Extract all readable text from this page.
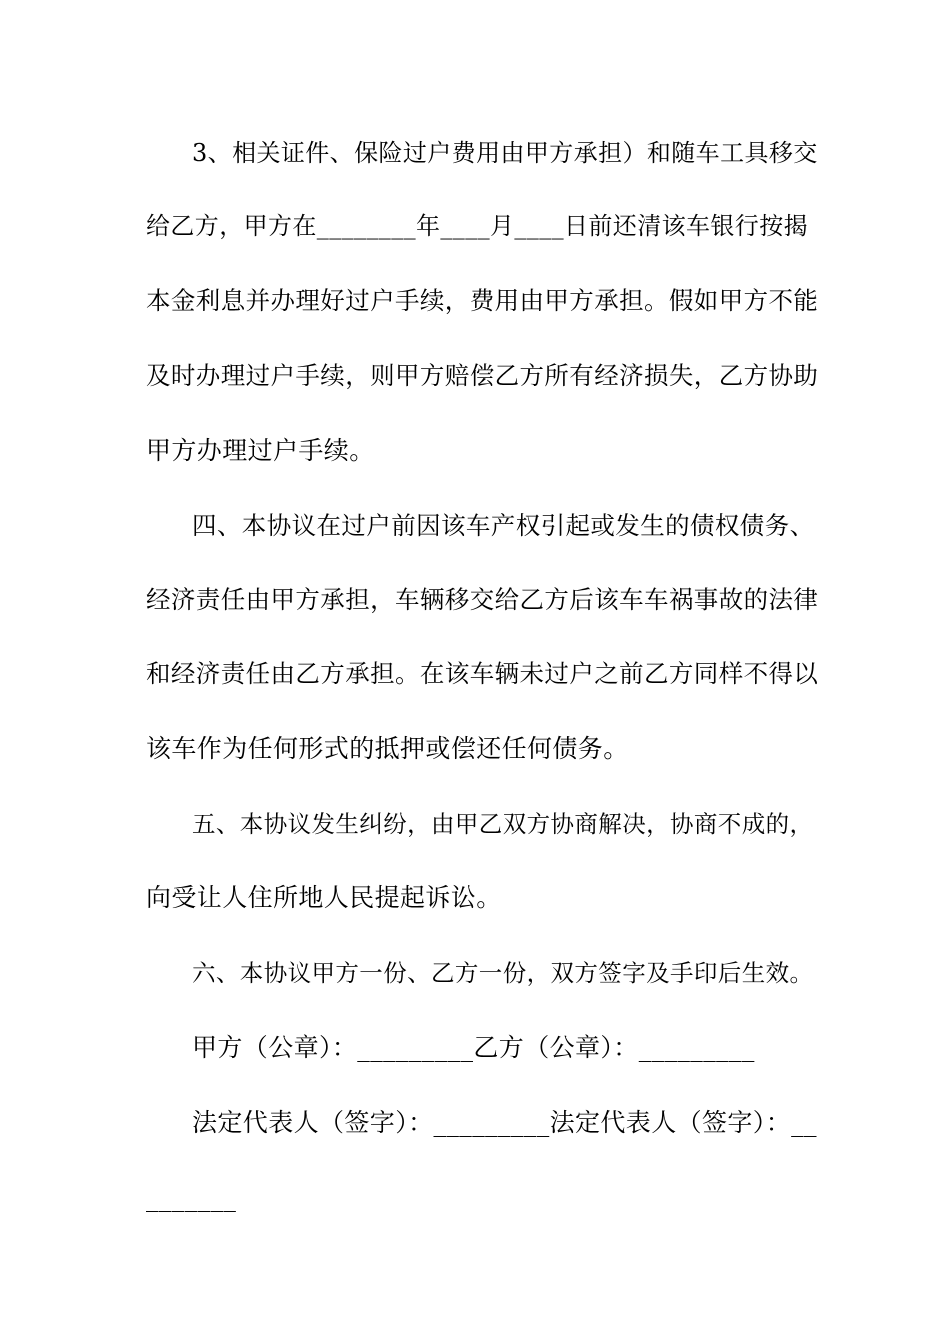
3、相关证件、保险过户费用由甲方承担）和随车工具移交
给乙方，甲方在________年____月____日前还清该车银行按揭
本金利息并办理好过户手续，费用由甲方承担。假如甲方不能
及时办理过户手续，则甲方赔偿乙方所有经济损失，乙方协助
甲方办理过户手续。
四、本协议在过户前因该车产权引起或发生的债权债务、
经济责任由甲方承担，车辆移交给乙方后该车车祸事故的法律
和经济责任由乙方承担。在该车辆未过户之前乙方同样不得以
该车作为任何形式的抵押或偿还任何债务。
五、本协议发生纠纷，由甲乙双方协商解决，协商不成的，
向受让人住所地人民提起诉讼。
六、本协议甲方一份、乙方一份，双方签字及手印后生效。
甲方（公章）：_________乙方（公章）：_________
法定代表人（签字）：_________法定代表人（签字）：__
_______
